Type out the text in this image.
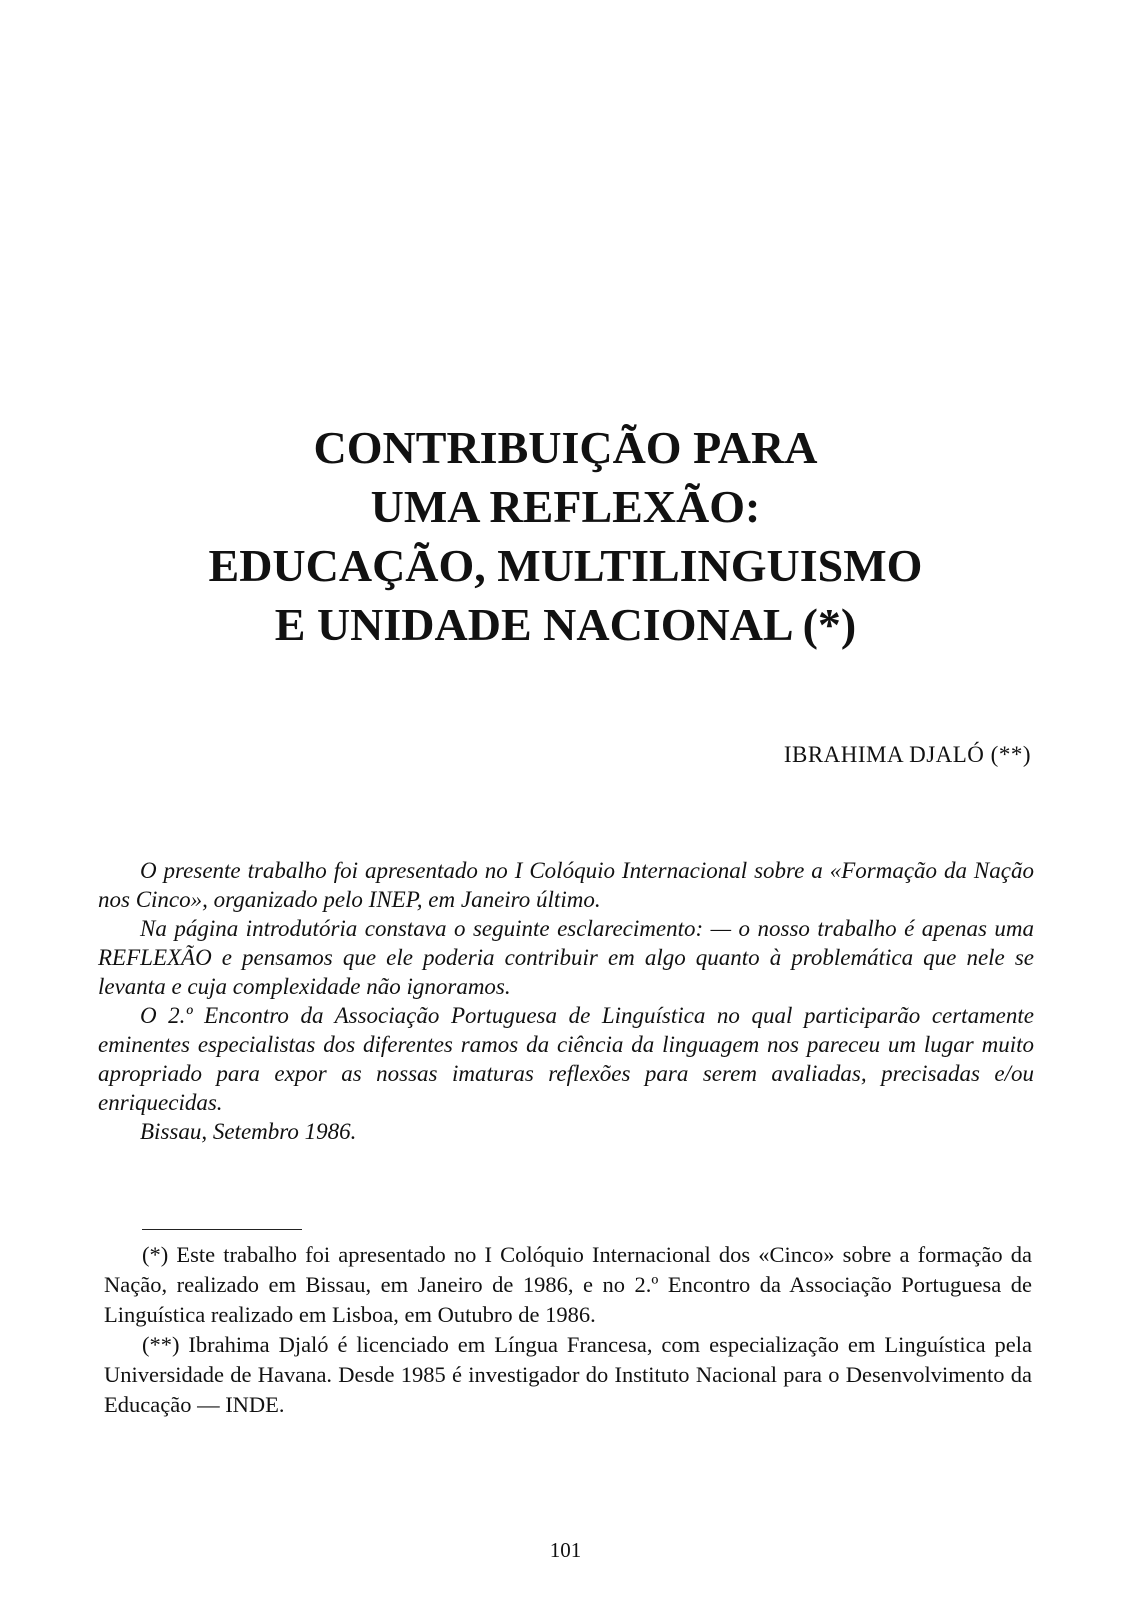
CONTRIBUIÇÃO PARA
UMA REFLEXÃO:
EDUCAÇÃO, MULTILINGUISMO
E UNIDADE NACIONAL (*)
IBRAHIMA DJALÓ (**)

O presente trabalho foi apresentado no I Colóquio Internacional sobre a «Formação da Nação nos Cinco», organizado pelo INEP, em Janeiro último.

Na página introdutória constava o seguinte esclarecimento: — o nosso trabalho é apenas uma REFLEXÃO e pensamos que ele poderia contribuir em algo quanto à problemática que nele se levanta e cuja complexidade não ignoramos.

O 2.º Encontro da Associação Portuguesa de Linguística no qual participarão certamente eminentes especialistas dos diferentes ramos da ciência da linguagem nos pareceu um lugar muito apropriado para expor as nossas imaturas reflexões para serem avaliadas, precisadas e/ou enriquecidas.

Bissau, Setembro 1986.

(*) Este trabalho foi apresentado no I Colóquio Internacional dos «Cinco» sobre a formação da Nação, realizado em Bissau, em Janeiro de 1986, e no 2.º Encontro da Associação Portuguesa de Linguística realizado em Lisboa, em Outubro de 1986.

(**) Ibrahima Djaló é licenciado em Língua Francesa, com especialização em Linguística pela Universidade de Havana. Desde 1985 é investigador do Instituto Nacional para o Desenvolvimento da Educação — INDE.

101
